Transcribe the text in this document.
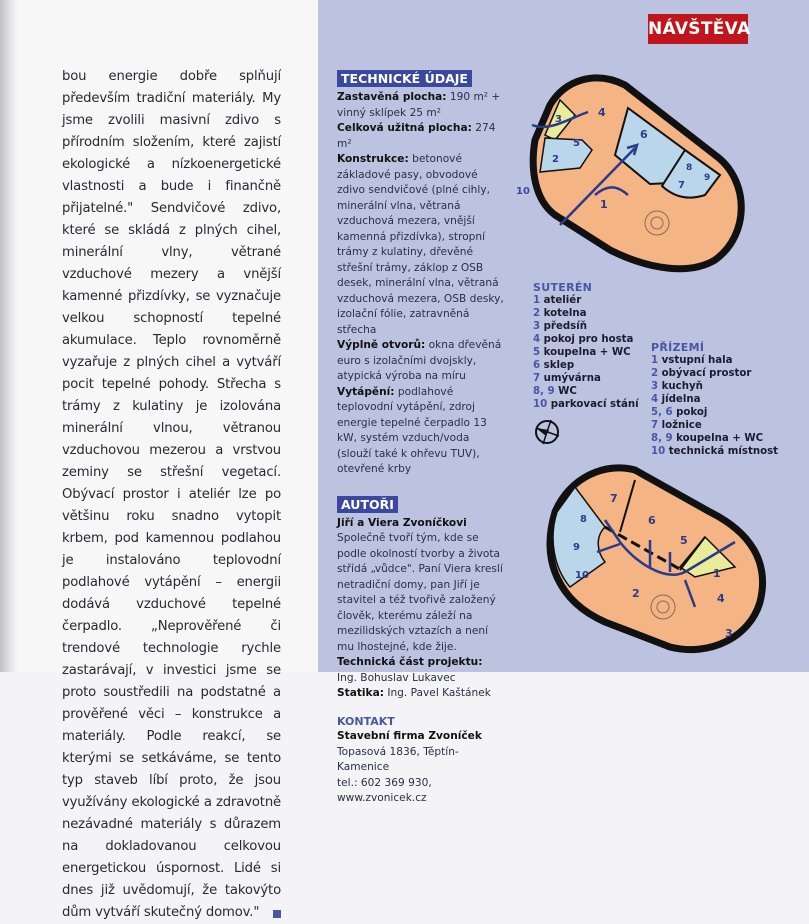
bou energie dobře splňují především tradiční materiály. My jsme zvolili masivní zdivo s přírodním složením, které zajistí ekologické a nízkoenergetické vlastnosti a bude i finančně přijatelné." Sendvičové zdivo, které se skládá z plných cihel, minerální vlny, větrané vzduchové mezery a vnější kamenné přizdívky, se vyznačuje velkou schopností tepelné akumulace. Teplo rovnoměrně vyzařuje z plných cihel a vytváří pocit tepelné pohody. Střecha s trámy z kulatiny je izolována minerální vlnou, větranou vzduchovou mezerou a vrstvou zeminy se střešní vegetací. Obývací prostor i ateliér lze po většinu roku snadno vytopit krbem, pod kamennou podlahou je instalováno teplovodní podlahové vytápění – energii dodává vzduchové tepelné čerpadlo. „Neprověřené či trendové technologie rychle zastarávají, v investici jsme se proto soustředili na podstatné a prověřené věci – konstrukce a materiály. Podle reakcí, se kterými se setkáváme, se tento typ staveb líbí proto, že jsou využívány ekologické a zdravotně nezávadné materiály s důrazem na dokladovanou celkovou energetickou úspornost. Lidé si dnes již uvědomují, že takovýto dům vytváří skutečný domov."

NÁVŠTĚVA
TECHNICKÉ ÚDAJE

Zastavěná plocha: 190 m² + vinný sklípek 25 m²

Celková užitná plocha: 274 m²

Konstrukce: betonové základové pasy, obvodové zdivo sendvičové (plné cihly, minerální vlna, větraná vzduchová mezera, vnější kamenná přizdívka), stropní trámy z kulatiny, dřevěné střešní trámy, záklop z OSB desek, minerální vlna, větraná vzduchová mezera, OSB desky, izolační fólie, zatravněná střecha

Výplně otvorů: okna dřevěná euro s izolačními dvojskly, atypická výroba na míru

Vytápění: podlahové teplovodní vytápění, zdroj energie tepelné čerpadlo 13 kW, systém vzduch/voda (slouží také k ohřevu TUV), otevřené krby

AUTOŘI

Jiří a Viera Zvoníčkovi

Společně tvoří tým, kde se podle okolností tvorby a života střídá „vůdce". Paní Viera kreslí netradiční domy, pan Jiří je stavitel a též tvořivě založený člověk, kterému záleží na mezilidských vztazích a není mu lhostejné, kde žije.

Technická část projektu:

Ing. Bohuslav Lukavec

Statika: Ing. Pavel Kaštánek

KONTAKT

Stavební firma Zvoníček

Topasová 1836, Těptín-Kamenice

tel.: 602 369 930, www.zvonicek.cz

4
6
1
3
2
5
7
8
9
10
SUTERÉN
1 ateliér
2 kotelna
3 předsíň
4 pokoj pro hosta
5 koupelna + WC
6 sklep
7 umývárna
8, 9 WC
10 parkovací stání
PŘÍZEMÍ
1 vstupní hala
2 obývací prostor
3 kuchyň
4 jídelna
5, 6 pokoj
7 ložnice
8, 9 koupelna + WC
10 technická místnost
7
6
5
1
2	4
3
8
9
10
